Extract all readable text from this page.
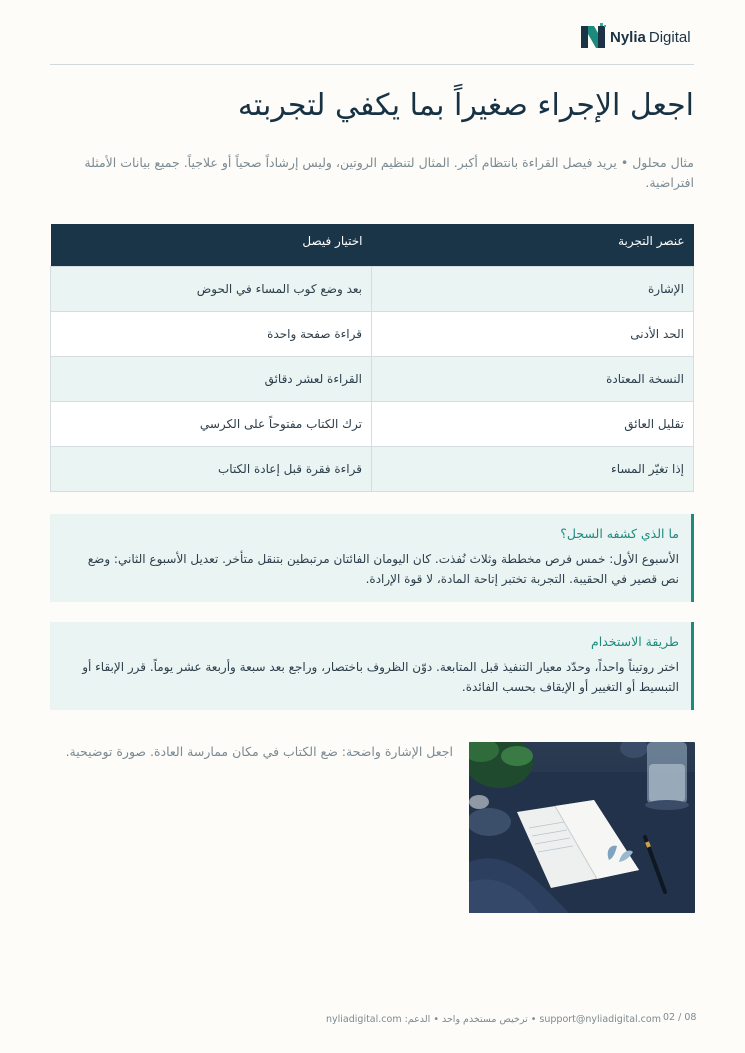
Nylia Digital
اجعل الإجراء صغيراً بما يكفي لتجربته

مثال محلول • يريد فيصل القراءة بانتظام أكبر. المثال لتنظيم الروتين، وليس إرشاداً صحياً أو علاجياً. جميع بيانات الأمثلة افتراضية.

عنصر التجربة	اختيار فيصل
الإشارة	بعد وضع كوب المساء في الحوض
الحد الأدنى	قراءة صفحة واحدة
النسخة المعتادة	القراءة لعشر دقائق
تقليل العائق	ترك الكتاب مفتوحاً على الكرسي
إذا تغيّر المساء	قراءة فقرة قبل إعادة الكتاب
ما الذي كشفه السجل؟
الأسبوع الأول: خمس فرص مخططة وثلاث نُفذت. كان اليومان الفائتان مرتبطين بتنقل متأخر. تعديل الأسبوع الثاني: وضع نص قصير في الحقيبة. التجربة تختبر إتاحة المادة، لا قوة الإرادة.
طريقة الاستخدام
اختر روتيناً واحداً، وحدّد معيار التنفيذ قبل المتابعة. دوّن الظروف باختصار، وراجع بعد سبعة وأربعة عشر يوماً. قرر الإبقاء أو التبسيط أو التغيير أو الإيقاف بحسب الفائدة.

اجعل الإشارة واضحة: ضع الكتاب في مكان ممارسة العادة. صورة توضيحية.

support@nyliadigital.com • ترخيص مستخدم واحد • الدعم: nyliadigital.com 02 / 08
